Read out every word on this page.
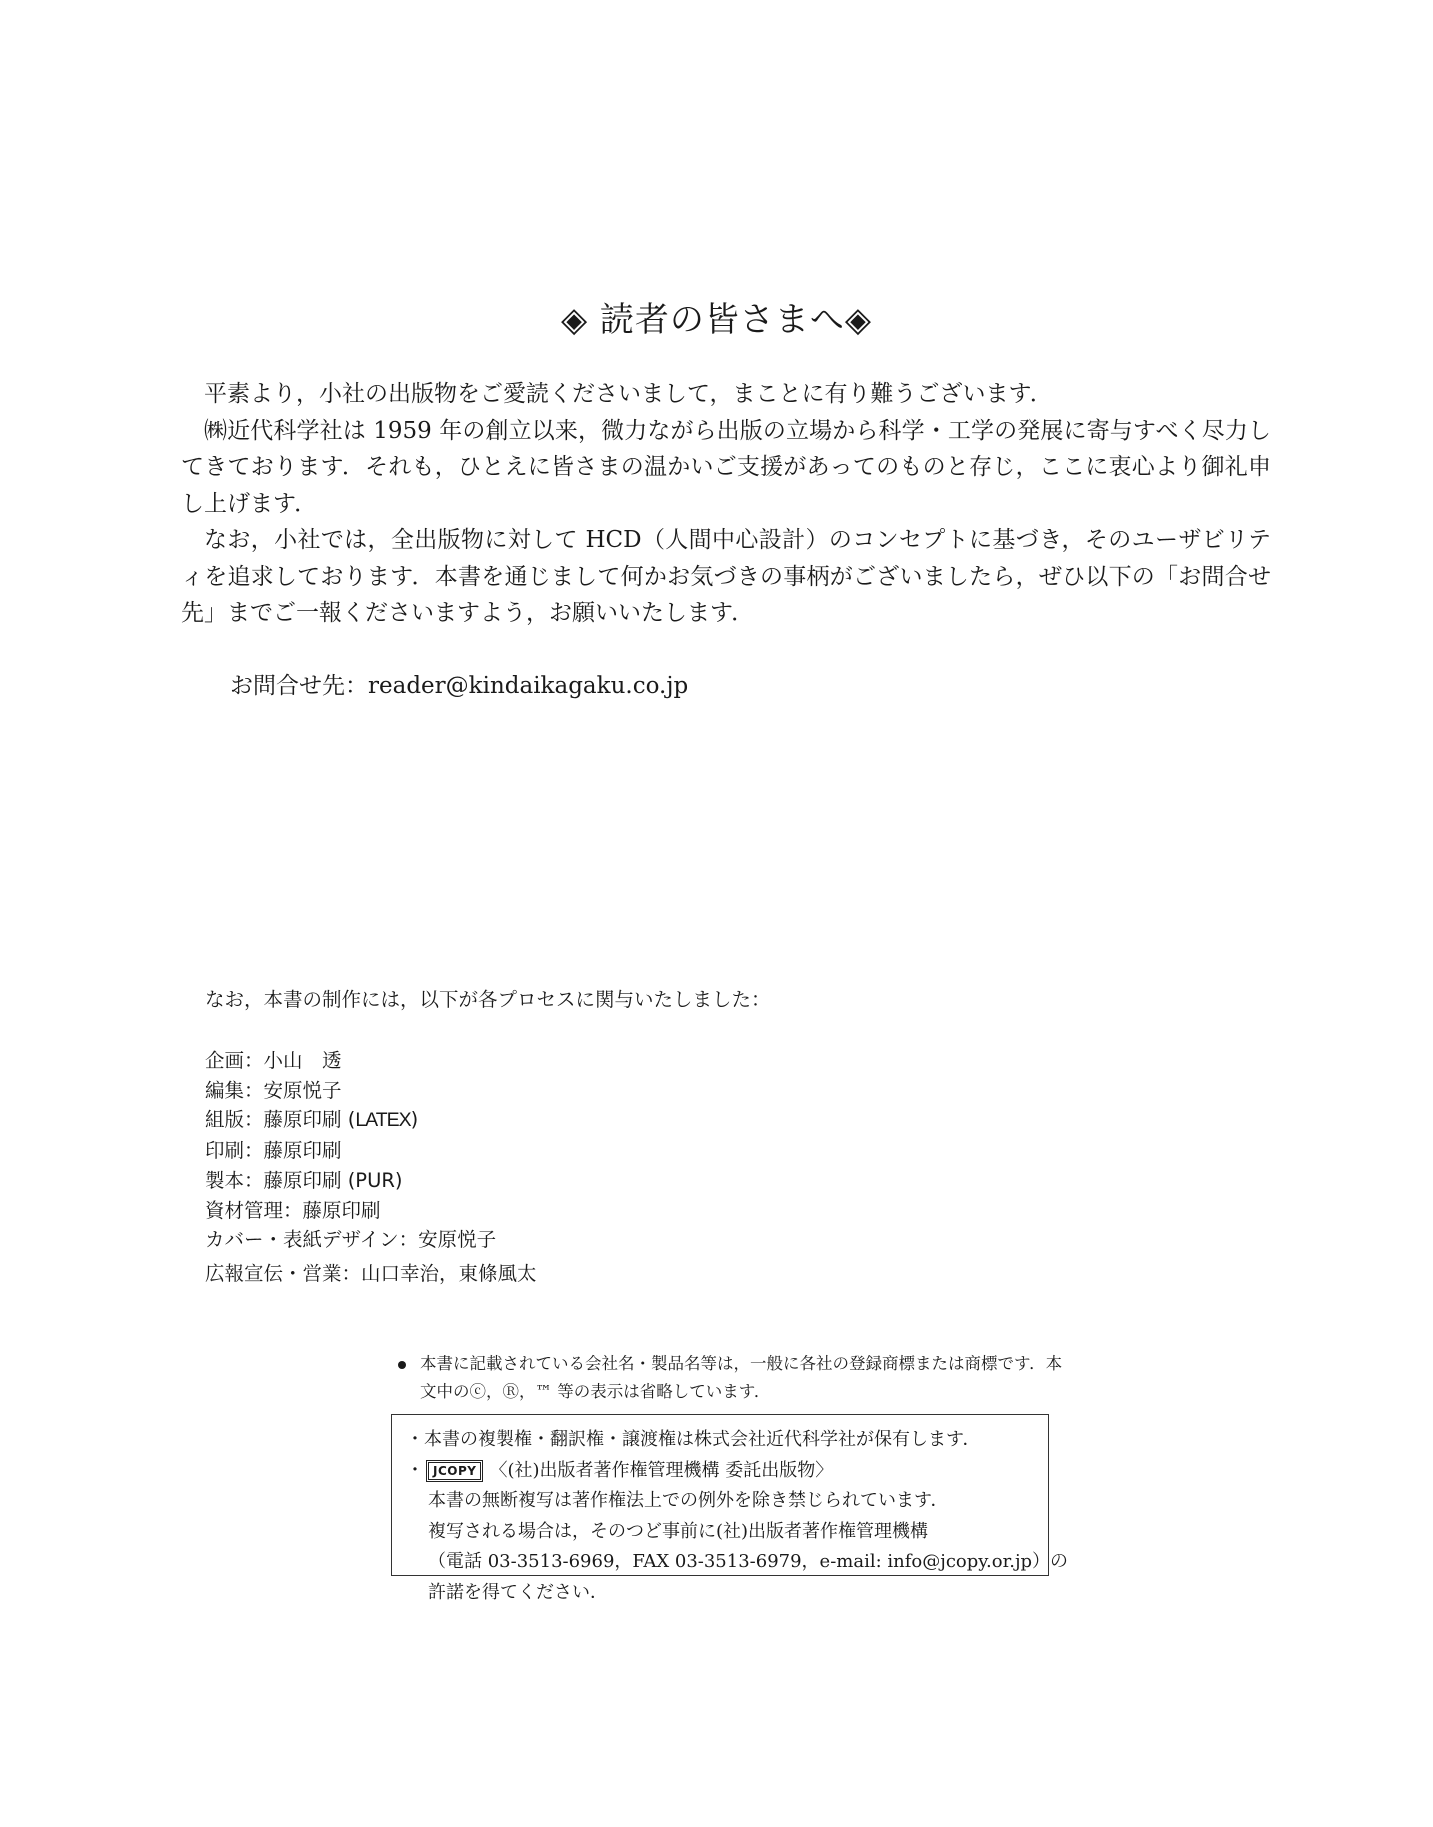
◈ 読者の皆さまへ◈

平素より，小社の出版物をご愛読くださいまして，まことに有り難うございます．

㈱近代科学社は 1959 年の創立以来，微力ながら出版の立場から科学・工学の発展に寄与すべく尽力してきております．それも，ひとえに皆さまの温かいご支援があってのものと存じ，ここに衷心より御礼申し上げます．

なお，小社では，全出版物に対して HCD（人間中心設計）のコンセプトに基づき，そのユーザビリティを追求しております．本書を通じまして何かお気づきの事柄がございましたら，ぜひ以下の「お問合せ先」までご一報くださいますよう，お願いいたします．

お問合せ先：reader@kindaikagaku.co.jp
なお，本書の制作には，以下が各プロセスに関与いたしました：
企画：小山　透
編集：安原悦子
組版：藤原印刷 (LATEX)
印刷：藤原印刷
製本：藤原印刷 (PUR)
資材管理：藤原印刷
カバー・表紙デザイン：安原悦子
広報宣伝・営業：山口幸治，東條風太
本書に記載されている会社名・製品名等は，一般に各社の登録商標または商標です．本文中のⓒ，Ⓡ，™ 等の表示は省略しています．
・本書の複製権・翻訳権・譲渡権は株式会社近代科学社が保有します．
・ JCOPY 〈(社)出版者著作権管理機構 委託出版物〉
本書の無断複写は著作権法上での例外を除き禁じられています．
複写される場合は，そのつど事前に(社)出版者著作権管理機構
（電話 03-3513-6969，FAX 03-3513-6979，e-mail: info@jcopy.or.jp）の
許諾を得てください．
